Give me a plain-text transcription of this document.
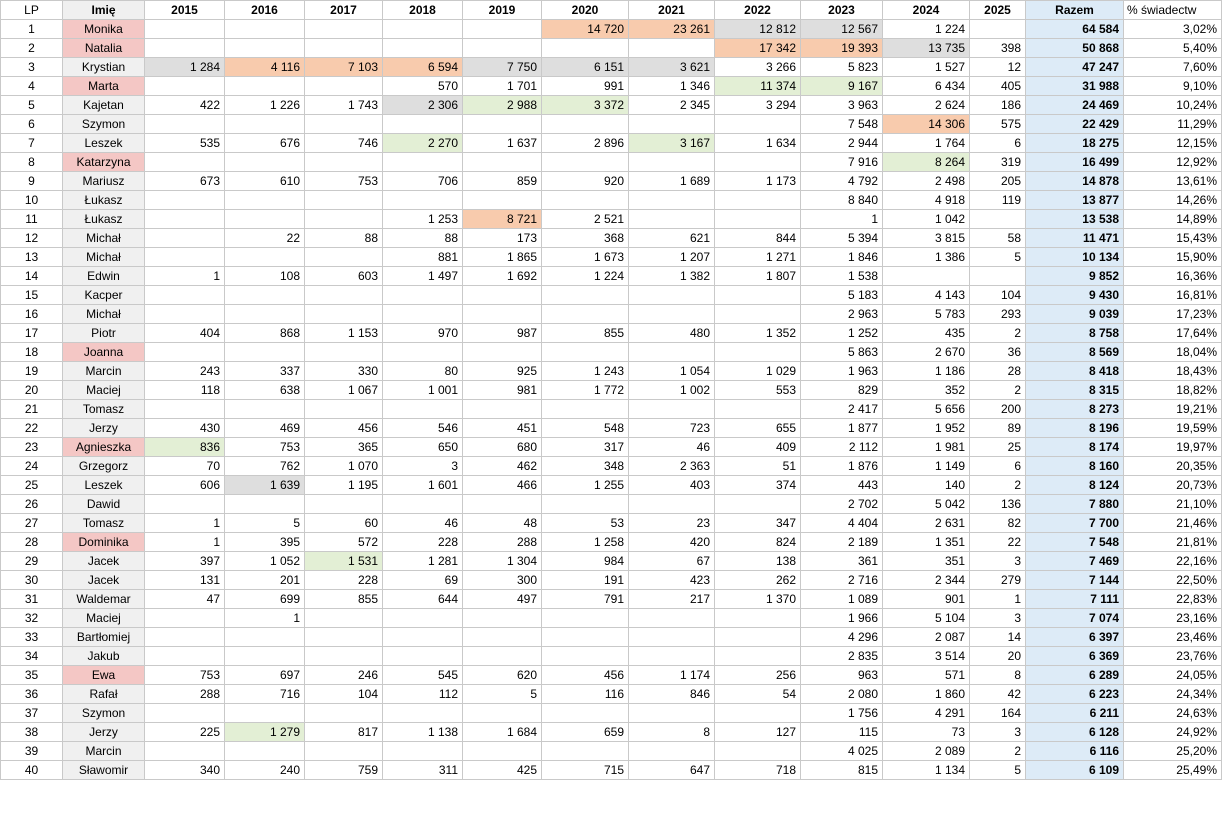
LP	Imię	2015	2016	2017	2018	2019	2020	2021	2022	2023	2024	2025	Razem	% świadectw
1	Monika						14 720	23 261	12 812	12 567	1 224		64 584	3,02%
2	Natalia								17 342	19 393	13 735	398	50 868	5,40%
3	Krystian	1 284	4 116	7 103	6 594	7 750	6 151	3 621	3 266	5 823	1 527	12	47 247	7,60%
4	Marta				570	1 701	991	1 346	11 374	9 167	6 434	405	31 988	9,10%
5	Kajetan	422	1 226	1 743	2 306	2 988	3 372	2 345	3 294	3 963	2 624	186	24 469	10,24%
6	Szymon									7 548	14 306	575	22 429	11,29%
7	Leszek	535	676	746	2 270	1 637	2 896	3 167	1 634	2 944	1 764	6	18 275	12,15%
8	Katarzyna									7 916	8 264	319	16 499	12,92%
9	Mariusz	673	610	753	706	859	920	1 689	1 173	4 792	2 498	205	14 878	13,61%
10	Łukasz									8 840	4 918	119	13 877	14,26%
11	Łukasz				1 253	8 721	2 521			1	1 042		13 538	14,89%
12	Michał		22	88	88	173	368	621	844	5 394	3 815	58	11 471	15,43%
13	Michał				881	1 865	1 673	1 207	1 271	1 846	1 386	5	10 134	15,90%
14	Edwin	1	108	603	1 497	1 692	1 224	1 382	1 807	1 538			9 852	16,36%
15	Kacper									5 183	4 143	104	9 430	16,81%
16	Michał									2 963	5 783	293	9 039	17,23%
17	Piotr	404	868	1 153	970	987	855	480	1 352	1 252	435	2	8 758	17,64%
18	Joanna									5 863	2 670	36	8 569	18,04%
19	Marcin	243	337	330	80	925	1 243	1 054	1 029	1 963	1 186	28	8 418	18,43%
20	Maciej	118	638	1 067	1 001	981	1 772	1 002	553	829	352	2	8 315	18,82%
21	Tomasz									2 417	5 656	200	8 273	19,21%
22	Jerzy	430	469	456	546	451	548	723	655	1 877	1 952	89	8 196	19,59%
23	Agnieszka	836	753	365	650	680	317	46	409	2 112	1 981	25	8 174	19,97%
24	Grzegorz	70	762	1 070	3	462	348	2 363	51	1 876	1 149	6	8 160	20,35%
25	Leszek	606	1 639	1 195	1 601	466	1 255	403	374	443	140	2	8 124	20,73%
26	Dawid									2 702	5 042	136	7 880	21,10%
27	Tomasz	1	5	60	46	48	53	23	347	4 404	2 631	82	7 700	21,46%
28	Dominika	1	395	572	228	288	1 258	420	824	2 189	1 351	22	7 548	21,81%
29	Jacek	397	1 052	1 531	1 281	1 304	984	67	138	361	351	3	7 469	22,16%
30	Jacek	131	201	228	69	300	191	423	262	2 716	2 344	279	7 144	22,50%
31	Waldemar	47	699	855	644	497	791	217	1 370	1 089	901	1	7 111	22,83%
32	Maciej		1							1 966	5 104	3	7 074	23,16%
33	Bartłomiej									4 296	2 087	14	6 397	23,46%
34	Jakub									2 835	3 514	20	6 369	23,76%
35	Ewa	753	697	246	545	620	456	1 174	256	963	571	8	6 289	24,05%
36	Rafał	288	716	104	112	5	116	846	54	2 080	1 860	42	6 223	24,34%
37	Szymon									1 756	4 291	164	6 211	24,63%
38	Jerzy	225	1 279	817	1 138	1 684	659	8	127	115	73	3	6 128	24,92%
39	Marcin									4 025	2 089	2	6 116	25,20%
40	Sławomir	340	240	759	311	425	715	647	718	815	1 134	5	6 109	25,49%
